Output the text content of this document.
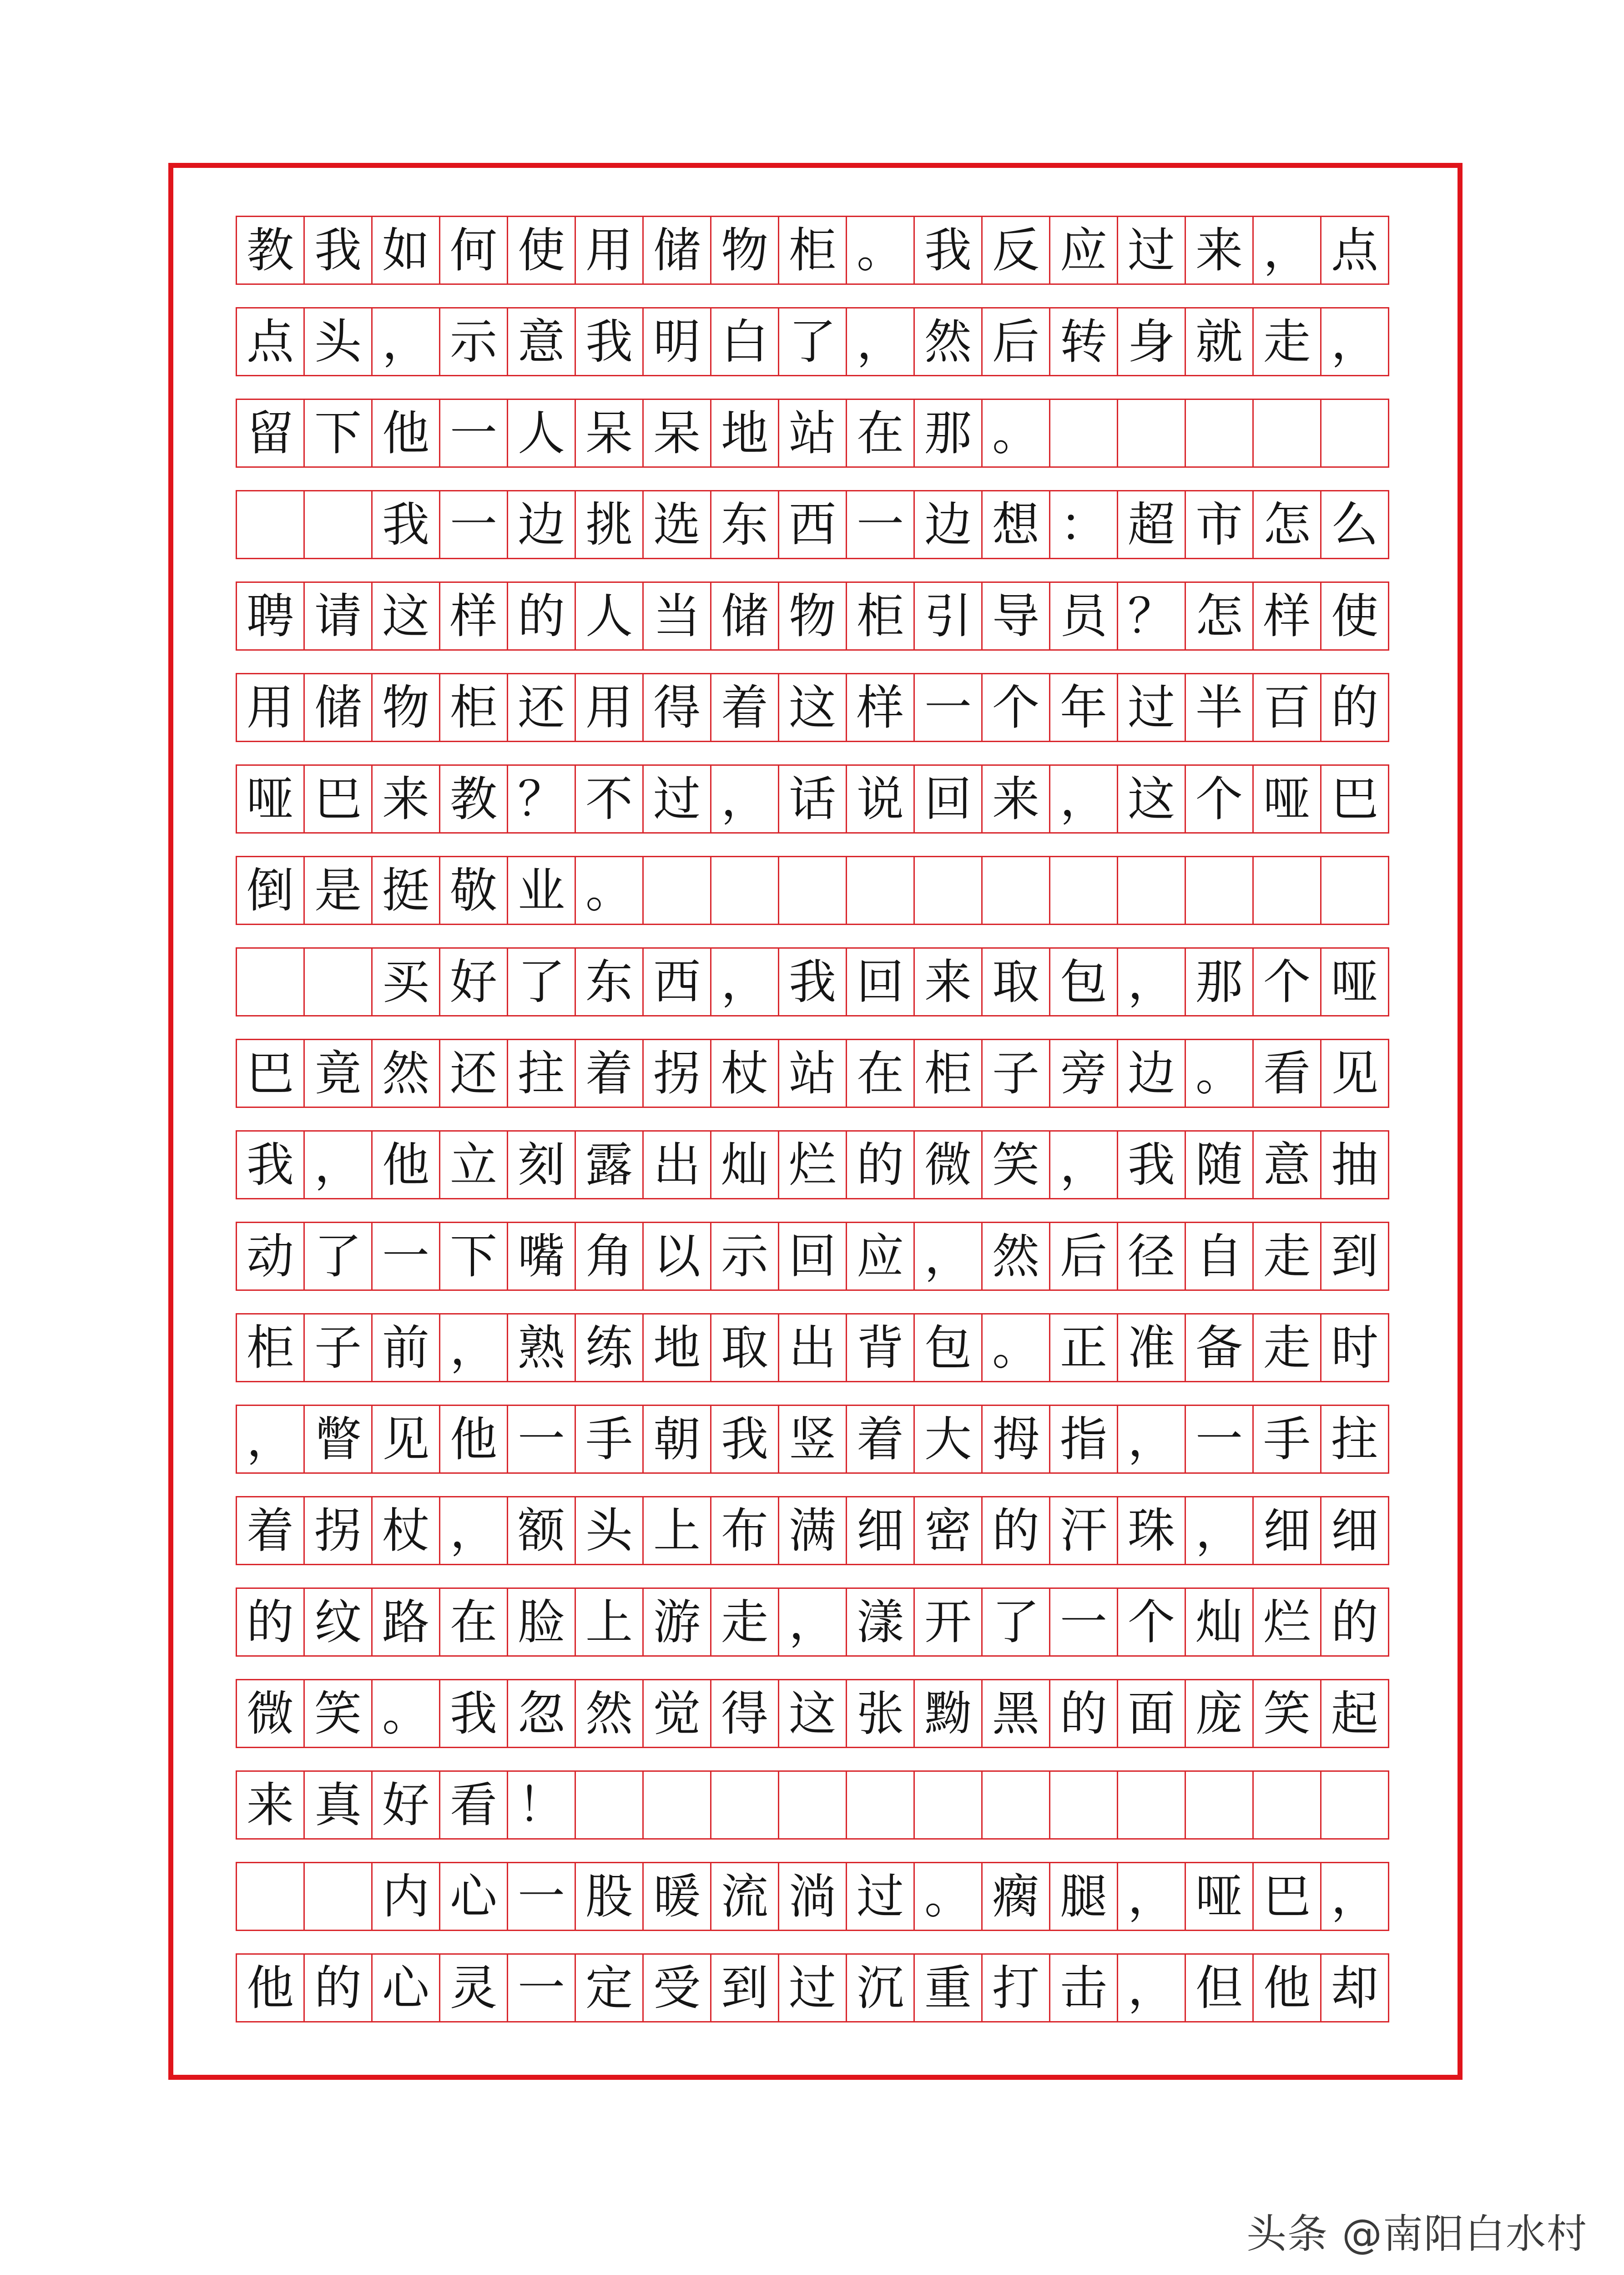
教 我 如 何 使 用 储 物 柜 。 我 反 应 过 来 ， 点
点 头 ， 示 意 我 明 白 了 ， 然 后 转 身 就 走 ，
留 下 他 一 人 呆 呆 地 站 在 那 。
我 一 边 挑 选 东 西 一 边 想 ： 超 市 怎 么
聘 请 这 样 的 人 当 储 物 柜 引 导 员 ？ 怎 样 使
用 储 物 柜 还 用 得 着 这 样 一 个 年 过 半 百 的
哑 巴 来 教 ？ 不 过 ， 话 说 回 来 ， 这 个 哑 巴
倒 是 挺 敬 业 。
买 好 了 东 西 ， 我 回 来 取 包 ， 那 个 哑
巴 竟 然 还 拄 着 拐 杖 站 在 柜 子 旁 边 。 看 见
我 ， 他 立 刻 露 出 灿 烂 的 微 笑 ， 我 随 意 抽
动 了 一 下 嘴 角 以 示 回 应 ， 然 后 径 自 走 到
柜 子 前 ， 熟 练 地 取 出 背 包 。 正 准 备 走 时
， 瞥 见 他 一 手 朝 我 竖 着 大 拇 指 ， 一 手 拄
着 拐 杖 ， 额 头 上 布 满 细 密 的 汗 珠 ， 细 细
的 纹 路 在 脸 上 游 走 ， 漾 开 了 一 个 灿 烂 的
微 笑 。 我 忽 然 觉 得 这 张 黝 黑 的 面 庞 笑 起
来 真 好 看 ！
内 心 一 股 暖 流 淌 过 。 瘸 腿 ， 哑 巴 ，
他 的 心 灵 一 定 受 到 过 沉 重 打 击 ， 但 他 却
头条 @南阳白水村
